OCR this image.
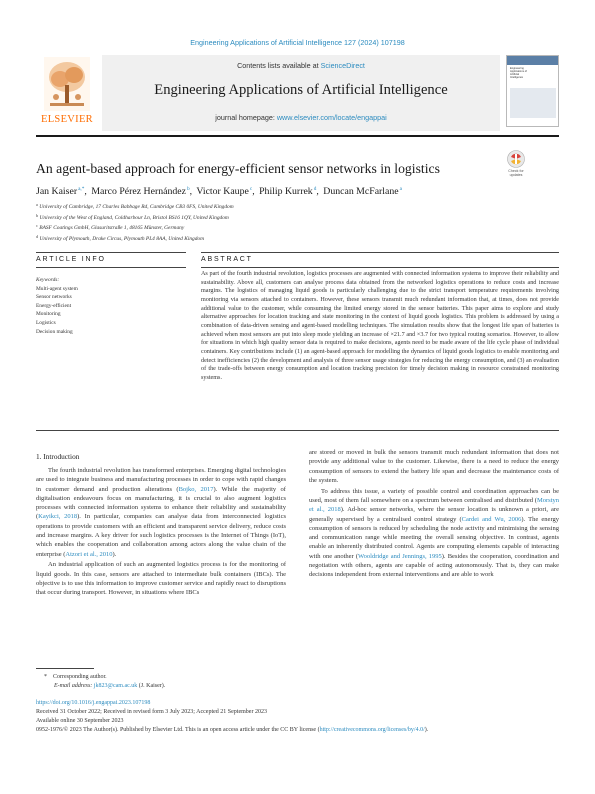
Engineering Applications of Artificial Intelligence 127 (2024) 107198
ELSEVIER
Contents lists available at ScienceDirect
Engineering Applications of Artificial Intelligence
journal homepage: www.elsevier.com/locate/engappai
Engineering
Applications of
Artificial
Intelligence
An agent-based approach for energy-efficient sensor networks in logistics	Check for
updates
Jan Kaiser$^{a,*}$, Marco Pérez Hernández$^b$, Victor Kaupe$^c$, Philip Kurrek$^d$, Duncan McFarlane$^a$
$^a$ University of Cambridge, 17 Charles Babbage Rd, Cambridge CB3 0FS, United Kingdom
$^b$ University of the West of England, Coldharbour Ln, Bristol BS16 1QY, United Kingdom
$^c$ BASF Coatings GmbH, Glasuritstraße 1, 48165 Münster, Germany
$^d$ University of Plymouth, Drake Circus, Plymouth PL4 8AA, United Kingdom
ARTICLE INFO	ABSTRACT
Keywords:
Multi-agent system
Sensor networks
Energy-efficient
Monitoring
Logistics
Decision making
As part of the fourth industrial revolution, logistics processes are augmented with connected information systems to improve their reliability and sustainability. Above all, customers can analyse process data obtained from the networked logistics operations to reduce costs and increase margins. The logistics of managing liquid goods is particularly challenging due to the strict transport temperature requirements involving monitoring via sensors attached to containers. However, these sensors transmit much redundant information that, at times, does not provide additional value to the customer, while consuming the limited energy stored in the sensor batteries. This paper aims to explore and study alternative approaches for location tracking and state monitoring in the context of liquid goods logistics. This problem is addressed by using a combination of data-driven sensing and agent-based modelling techniques. The simulation results show that the longest life span of batteries is achieved when most sensors are put into sleep mode yielding an increase of ×21.7 and ×3.7 for two typical routing scenarios. However, to allow for situations in which high quality sensor data is required to make decisions, agents need to be made aware of the life cycle phase of individual containers. Key contributions include (1) an agent-based approach for modelling the dynamics of liquid goods logistics to enable monitoring and detect inefficiencies (2) the development and analysis of three sensor usage strategies for reducing the energy consumption, and (3) an evaluation of the trade-offs between energy consumption and location tracking precision for timely decision making in resource constrained monitoring systems.
1. Introduction

The fourth industrial revolution has transformed enterprises. Emerging digital technologies are used to integrate business and manufacturing processes in order to cope with rapid changes in customer demand and production alterations (Bojko, 2017). While the majority of digitalisation endeavours focus on manufacturing, it is crucial to also augment logistics processes with connected information systems to enhance their reliability and sustainability (Kayikci, 2018). In particular, companies can analyse data from interconnected logistics operations to provide customers with an efficient and transparent service delivery, reduce costs and increase margins. A key driver for such logistics processes is the Internet of Things (IoT), which enables the cooperation and collaboration among actors along the value chain of the enterprise (Atzori et al., 2010).

An industrial application of such an augmented logistics process is for the monitoring of liquid goods. In this case, sensors are attached to intermediate bulk containers (IBCs). The objective is to use this information to improve customer service and rapidly react to disruptions that occur during transport. However, in situations where IBCs

are stored or moved in bulk the sensors transmit much redundant information that does not provide any additional value to the customer. Likewise, there is a need to reduce the energy consumption of sensors to extend the battery life span and decrease the maintenance costs of the system.

To address this issue, a variety of possible control and coordination approaches can be used, most of them fall somewhere on a spectrum between centralised and distributed (Morstyn et al., 2018). Ad-hoc sensor networks, where the sensor location is unknown a priori, are generally supervised by a centralised control strategy (Cardei and Wu, 2006). The energy consumption of sensors is reduced by scheduling the node activity and minimising the sensing and communication range while meeting the overall sensing objective. In contrast, agents enable an inherently distributed control. Agents are computing elements capable of interacting with one another (Wooldridge and Jennings, 1995). Besides the cooperation, coordination and negotiation with others, agents are capable of acting autonomously. That is, they can make decisions independent from external interventions and are able to work

* Corresponding author.
E-mail address: jk823@cam.ac.uk (J. Kaiser).
https://doi.org/10.1016/j.engappai.2023.107198
Received 31 October 2022; Received in revised form 3 July 2023; Accepted 21 September 2023
Available online 30 September 2023
0952-1976/© 2023 The Author(s). Published by Elsevier Ltd. This is an open access article under the CC BY license (http://creativecommons.org/licenses/by/4.0/).
